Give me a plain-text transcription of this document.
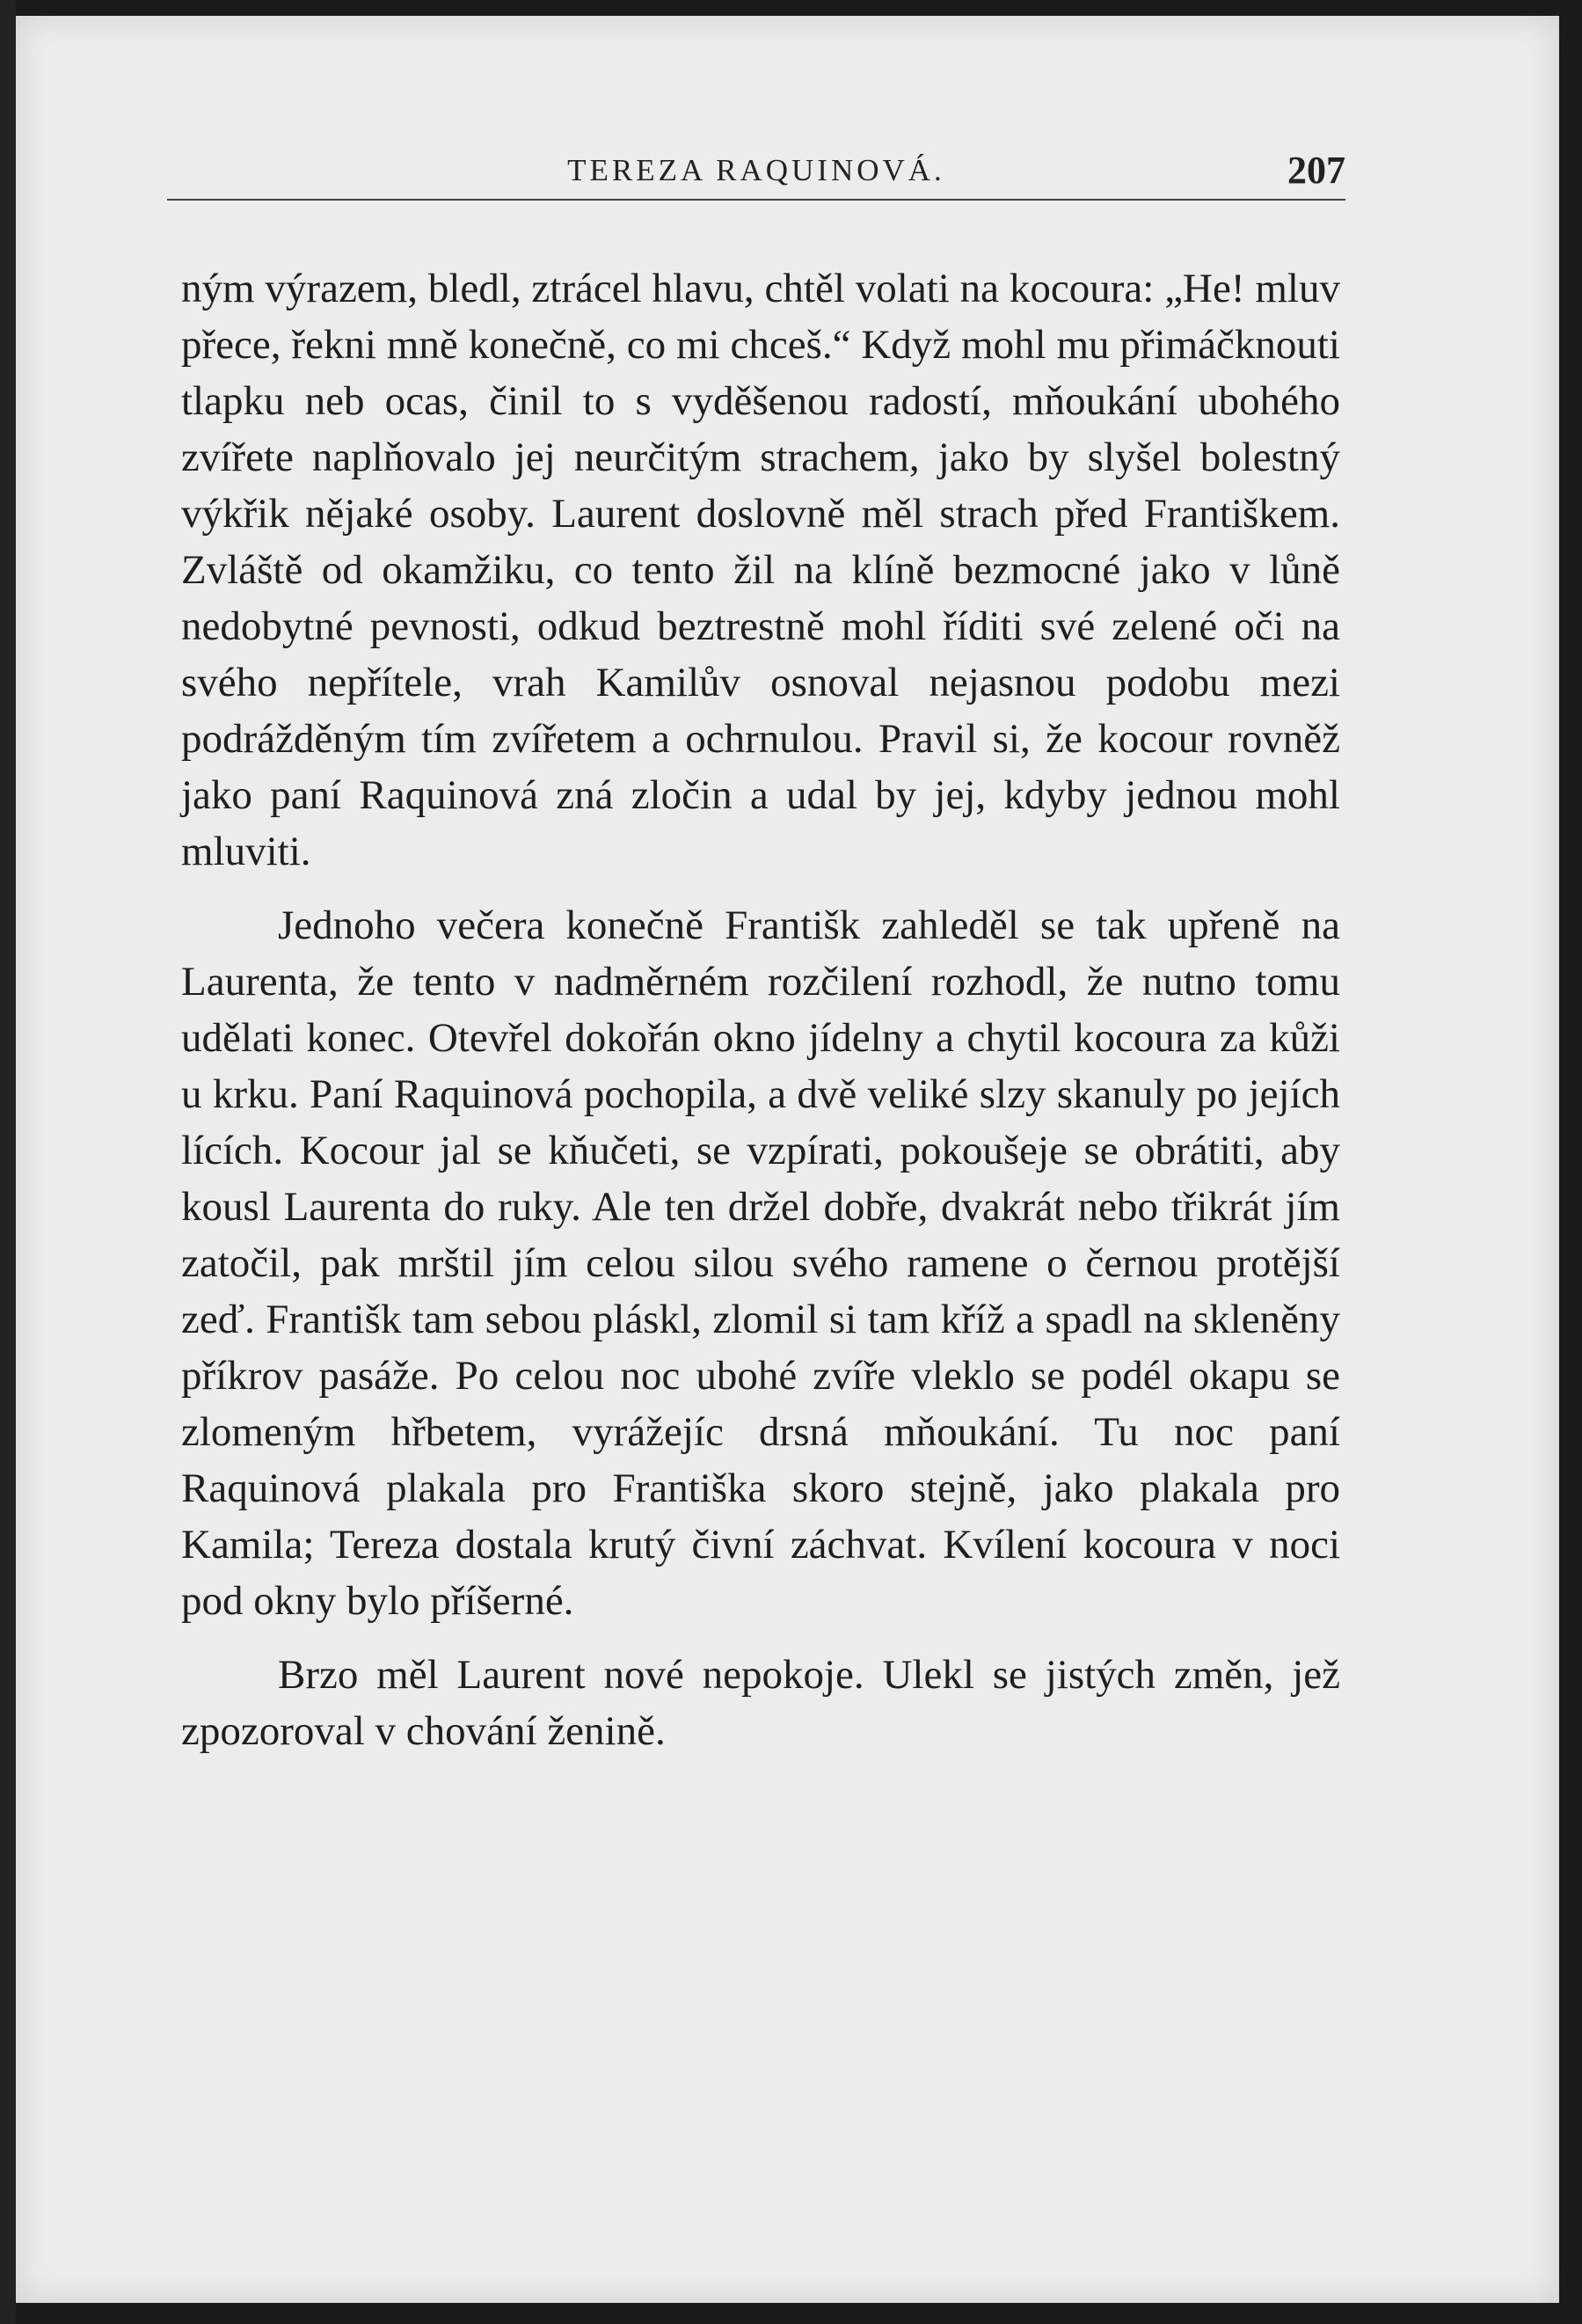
TEREZA RAQUINOVÁ.	207

ným výrazem, bledl, ztrácel hlavu, chtěl volati na kocoura: „He! mluv přece, řekni mně konečně, co mi chceš.“ Když mohl mu přimáčknouti tlapku neb ocas, činil to s vyděšenou radostí, mňoukání ubohého zvířete naplňovalo jej neurčitým strachem, jako by slyšel bolestný výkřik nějaké osoby. Laurent doslovně měl strach před Františkem. Zvláště od okamžiku, co tento žil na klíně bezmocné jako v lůně nedobytné pevnosti, odkud beztrestně mohl říditi své zelené oči na svého nepřítele, vrah Kamilův osnoval nejasnou podobu mezi podrážděným tím zvířetem a ochrnulou. Pravil si, že kocour rovněž jako paní Raquinová zná zločin a udal by jej, kdyby jednou mohl mluviti.

Jednoho večera konečně Františk zahleděl se tak upřeně na Laurenta, že tento v nadměrném rozčilení rozhodl, že nutno tomu udělati konec. Otevřel dokořán okno jídelny a chytil kocoura za kůži u krku. Paní Raquinová pochopila, a dvě veliké slzy skanuly po jejích lících. Kocour jal se kňučeti, se vzpírati, pokoušeje se obrátiti, aby kousl Laurenta do ruky. Ale ten držel dobře, dvakrát nebo třikrát jím zatočil, pak mrštil jím celou silou svého ramene o černou protější zeď. Františk tam sebou pláskl, zlomil si tam kříž a spadl na skleněny příkrov pasáže. Po celou noc ubohé zvíře vleklo se podél okapu se zlomeným hřbetem, vyrážejíc drsná mňoukání. Tu noc paní Raquinová plakala pro Františka skoro stejně, jako plakala pro Kamila; Tereza dostala krutý čivní záchvat. Kvílení kocoura v noci pod okny bylo příšerné.

Brzo měl Laurent nové nepokoje. Ulekl se jistých změn, jež zpozoroval v chování ženině.
